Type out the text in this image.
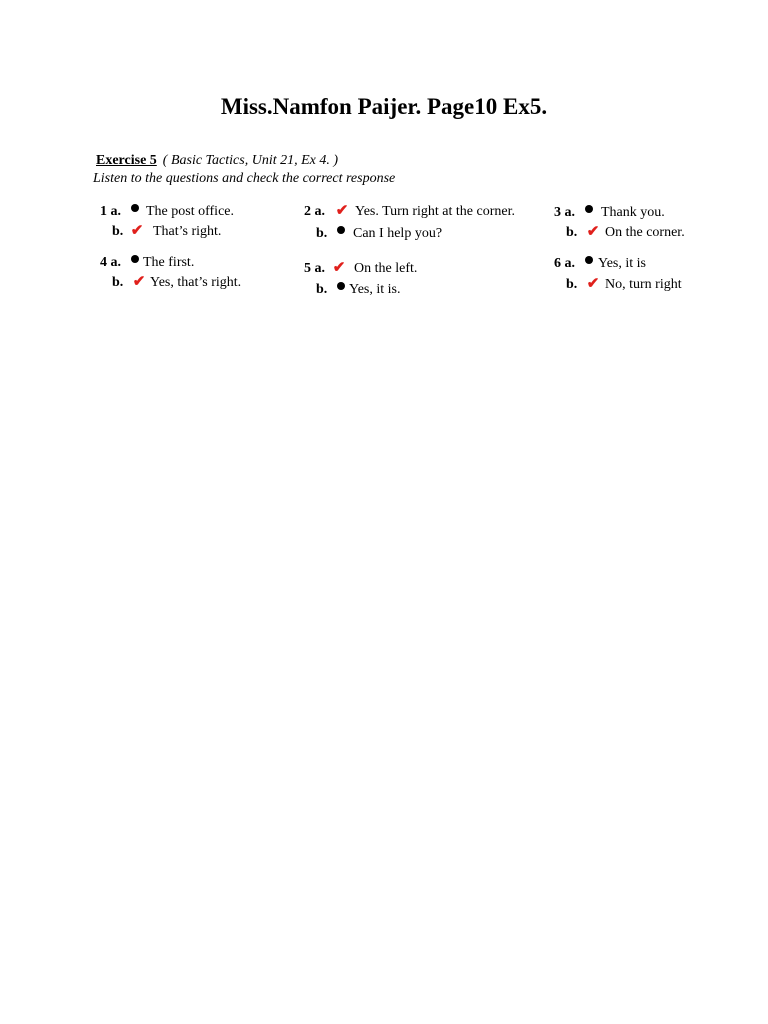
Miss.Namfon Paijer. Page10 Ex5.
Exercise 5 ( Basic Tactics, Unit 21, Ex 4. )
Listen to the questions and check the correct response
1 a.	The post office.
b. ✔ That’s right.
2 a. ✔ Yes. Turn right at the corner.
b.	Can I help you?
3 a.	Thank you.
b. ✔ On the corner.
4 a.	The first.
b. ✔ Yes, that’s right.
5 a. ✔ On the left.
b.	Yes, it is.
6 a.	Yes, it is
b. ✔ No, turn right
